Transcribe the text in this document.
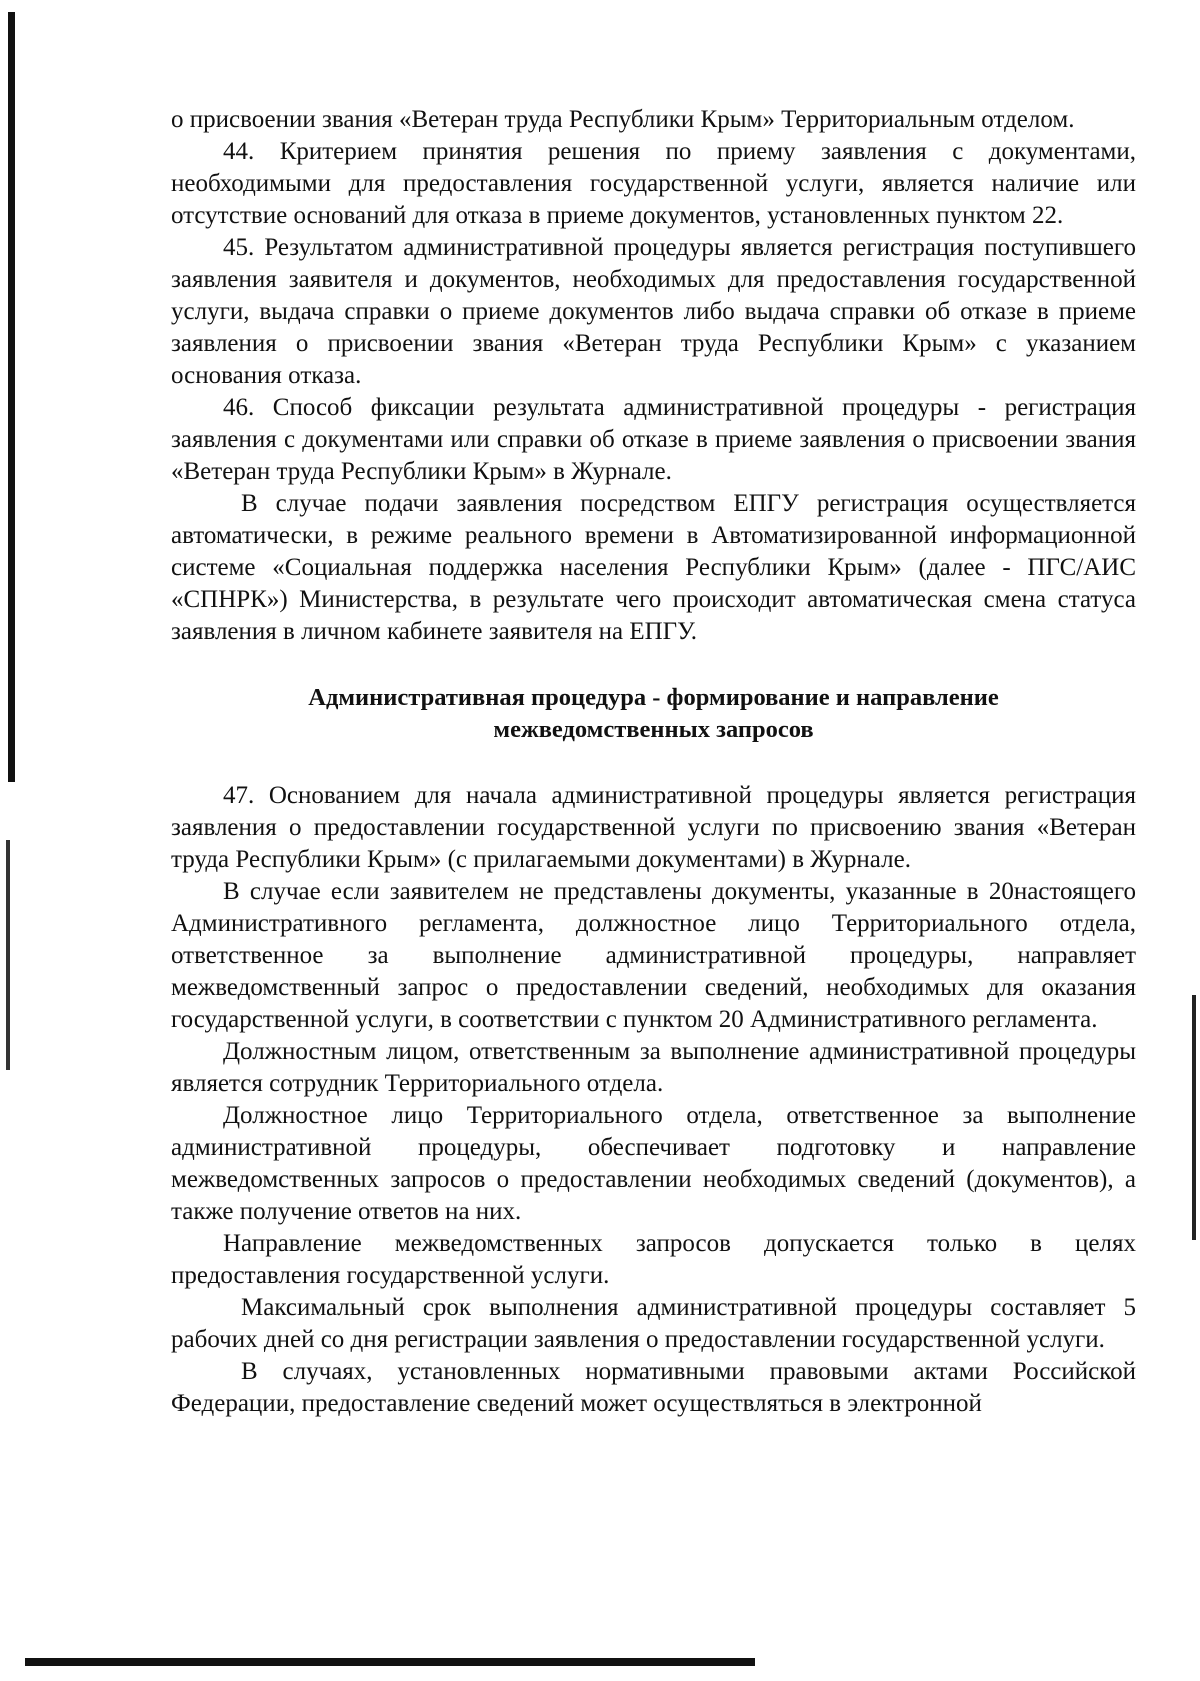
о присвоении звания «Ветеран труда Республики Крым» Территориальным отделом.

44. Критерием принятия решения по приему заявления с документами, необходимыми для предоставления государственной услуги, является наличие или отсутствие оснований для отказа в приеме документов, установленных пунктом 22.

45. Результатом административной процедуры является регистрация поступившего заявления заявителя и документов, необходимых для предоставления государственной услуги, выдача справки о приеме документов либо выдача справки об отказе в приеме заявления о присвоении звания «Ветеран труда Республики Крым» с указанием основания отказа.

46. Способ фиксации результата административной процедуры - регистрация заявления с документами или справки об отказе в приеме заявления о присвоении звания «Ветеран труда Республики Крым» в Журнале.

В случае подачи заявления посредством ЕПГУ регистрация осуществляется автоматически, в режиме реального времени в Автоматизированной информационной системе «Социальная поддержка населения Республики Крым» (далее - ПГС/АИС «СПНРК») Министерства, в результате чего происходит автоматическая смена статуса заявления в личном кабинете заявителя на ЕПГУ.

Административная процедура - формирование и направление
межведомственных запросов

47. Основанием для начала административной процедуры является регистрация заявления о предоставлении государственной услуги по присвоению звания «Ветеран труда Республики Крым» (с прилагаемыми документами) в Журнале.

В случае если заявителем не представлены документы, указанные в 20настоящего Административного регламента, должностное лицо Территориального отдела, ответственное за выполнение административной процедуры, направляет межведомственный запрос о предоставлении сведений, необходимых для оказания государственной услуги, в соответствии с пунктом 20 Административного регламента.

Должностным лицом, ответственным за выполнение административной процедуры является сотрудник Территориального отдела.

Должностное лицо Территориального отдела, ответственное за выполнение административной процедуры, обеспечивает подготовку и направление межведомственных запросов о предоставлении необходимых сведений (документов), а также получение ответов на них.

Направление межведомственных запросов допускается только в целях предоставления государственной услуги.

Максимальный срок выполнения административной процедуры составляет 5 рабочих дней со дня регистрации заявления о предоставлении государственной услуги.

В случаях, установленных нормативными правовыми актами Российской Федерации, предоставление сведений может осуществляться в электронной
